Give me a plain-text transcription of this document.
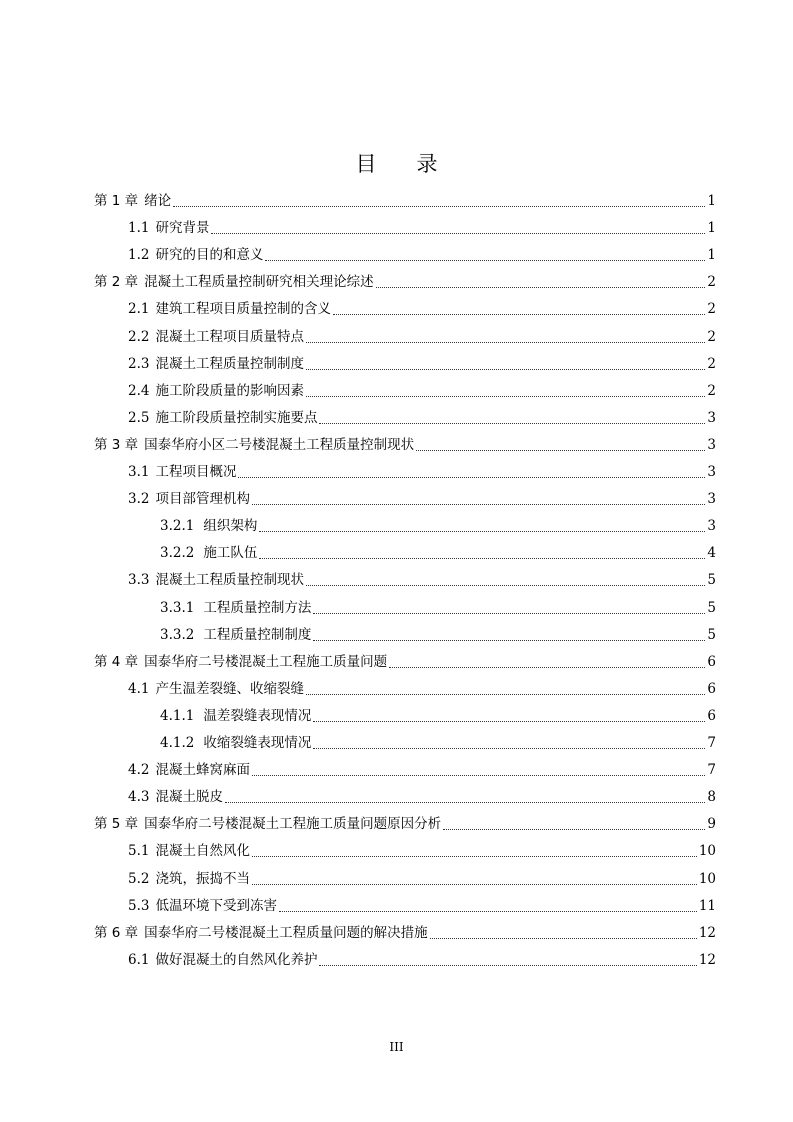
目 录
第 1 章 绪论	1
1.1 研究背景	1
1.2 研究的目的和意义	1
第 2 章 混凝土工程质量控制研究相关理论综述	2
2.1 建筑工程项目质量控制的含义	2
2.2 混凝土工程项目质量特点	2
2.3 混凝土工程质量控制制度	2
2.4 施工阶段质量的影响因素	2
2.5 施工阶段质量控制实施要点	3
第 3 章 国泰华府小区二号楼混凝土工程质量控制现状	3
3.1 工程项目概况	3
3.2 项目部管理机构	3
3.2.1 组织架构	3
3.2.2 施工队伍	4
3.3 混凝土工程质量控制现状	5
3.3.1 工程质量控制方法	5
3.3.2 工程质量控制制度	5
第 4 章 国泰华府二号楼混凝土工程施工质量问题	6
4.1 产生温差裂缝、收缩裂缝	6
4.1.1 温差裂缝表现情况	6
4.1.2 收缩裂缝表现情况	7
4.2 混凝土蜂窝麻面	7
4.3 混凝土脱皮	8
第 5 章 国泰华府二号楼混凝土工程施工质量问题原因分析	9
5.1 混凝土自然风化	10
5.2 浇筑，振捣不当	10
5.3 低温环境下受到冻害	11
第 6 章 国泰华府二号楼混凝土工程质量问题的解决措施	12
6.1 做好混凝土的自然风化养护	12
III
